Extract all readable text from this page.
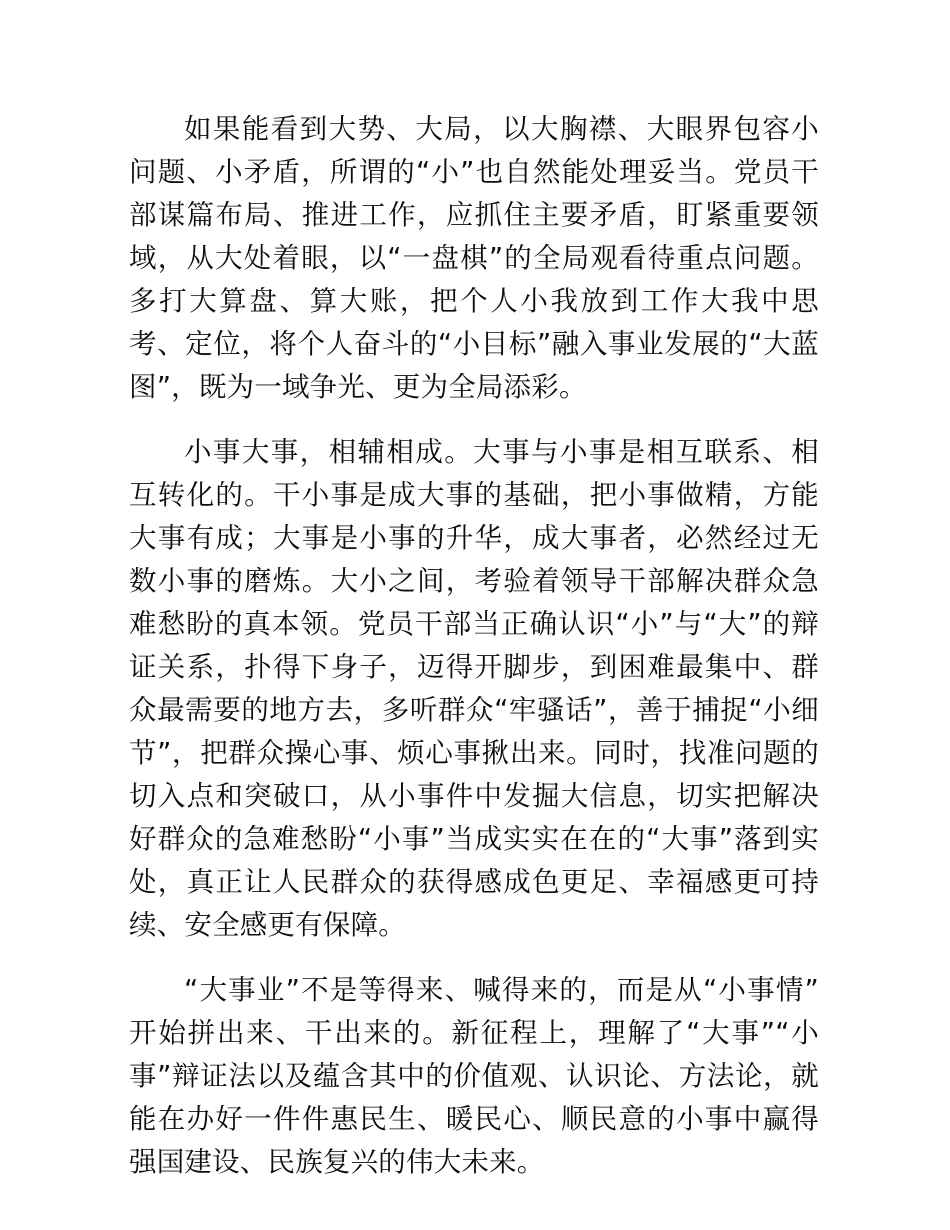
如果能看到大势、大局，以大胸襟、大眼界包容小问题、小矛盾，所谓的“小”也自然能处理妥当。党员干部谋篇布局、推进工作，应抓住主要矛盾，盯紧重要领域，从大处着眼，以“一盘棋”的全局观看待重点问题。多打大算盘、算大账，把个人小我放到工作大我中思考、定位，将个人奋斗的“小目标”融入事业发展的“大蓝图”，既为一域争光、更为全局添彩。

小事大事，相辅相成。大事与小事是相互联系、相互转化的。干小事是成大事的基础，把小事做精，方能大事有成；大事是小事的升华，成大事者，必然经过无数小事的磨炼。大小之间，考验着领导干部解决群众急难愁盼的真本领。党员干部当正确认识“小”与“大”的辩证关系，扑得下身子，迈得开脚步，到困难最集中、群众最需要的地方去，多听群众“牢骚话”，善于捕捉“小细节”，把群众操心事、烦心事揪出来。同时，找准问题的切入点和突破口，从小事件中发掘大信息，切实把解决好群众的急难愁盼“小事”当成实实在在的“大事”落到实处，真正让人民群众的获得感成色更足、幸福感更可持续、安全感更有保障。

“大事业”不是等得来、喊得来的，而是从“小事情”开始拼出来、干出来的。新征程上，理解了“大事”“小事”辩证法以及蕴含其中的价值观、认识论、方法论，就能在办好一件件惠民生、暖民心、顺民意的小事中赢得强国建设、民族复兴的伟大未来。
